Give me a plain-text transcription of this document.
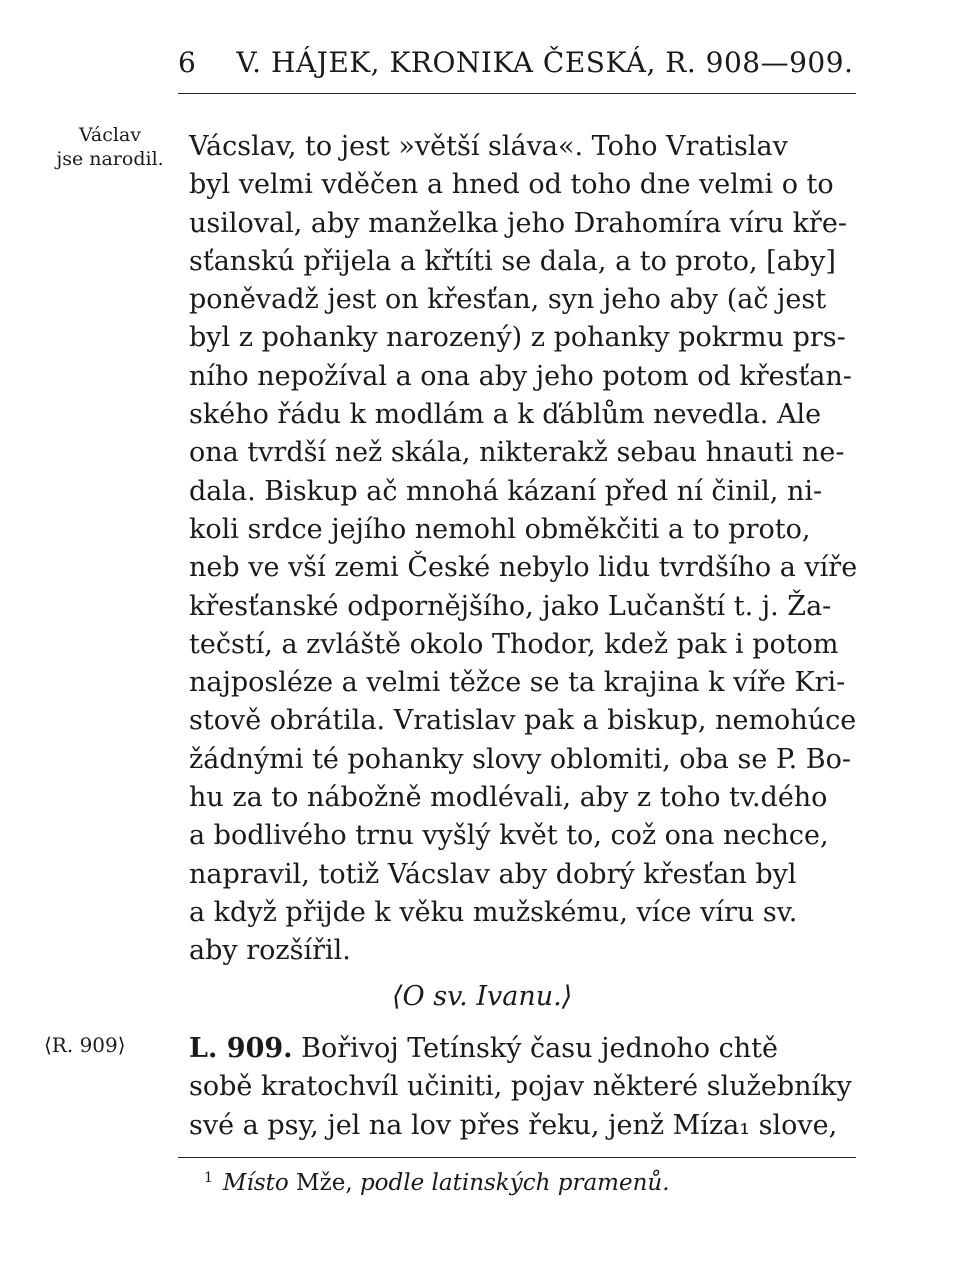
6 V. HÁJEK, KRONIKA ČESKÁ, R. 908—909.
Václav
jse narodil. Vácslav, to jest »větší sláva«. Toho Vratislav
byl velmi vděčen a hned od toho dne velmi o to
usiloval, aby manželka jeho Drahomíra víru křе-
sťanskú přijela a křtíti se dala, a to proto, [aby]
poněvadž jest on křesťan, syn jeho aby (ač jest
byl z pohanky narozený) z pohanky pokrmu prs-
ního nepožíval a ona aby jeho potom od křesťan-
ského řádu k modlám a k ďáblům nevedla. Ale
ona tvrdší než skála, nikterakž sebau hnauti ne-
dala. Biskup ač mnohá kázaní před ní činil, ni-
koli srdce jejího nemohl obměkčiti a to proto,
neb ve vší zemi České nebylo lidu tvrdšího a víře
křesťanské odpornějšího, jako Lučanští t. j. Ža-
tečstí, a zvláště okolo Thodor, kdež pak i potom
najposléze a velmi těžce se ta krajina k víře Kri-
stově obrátila. Vratislav pak a biskup, nemohúce
žádnými té pohanky slovy oblomiti, oba se P. Bo-
hu za to nábožně modlévali, aby z toho tv.dého
a bodlivého trnu vyšlý květ to, což ona nechce,
napravil, totiž Vácslav aby dobrý křesťan byl
a když přijde k věku mužskému, více víru sv.
aby rozšířil.
⟨O sv. Ivanu.⟩
⟨R. 909⟩	L. 909. Bořivoj Tetínský času jednoho chtě
sobě kratochvíl učiniti, pojav některé služebníky
své a psy, jel na lov přes řeku, jenž Míza₁ slove,
$^1$ Místo Mže, podle latinských pramenů.
